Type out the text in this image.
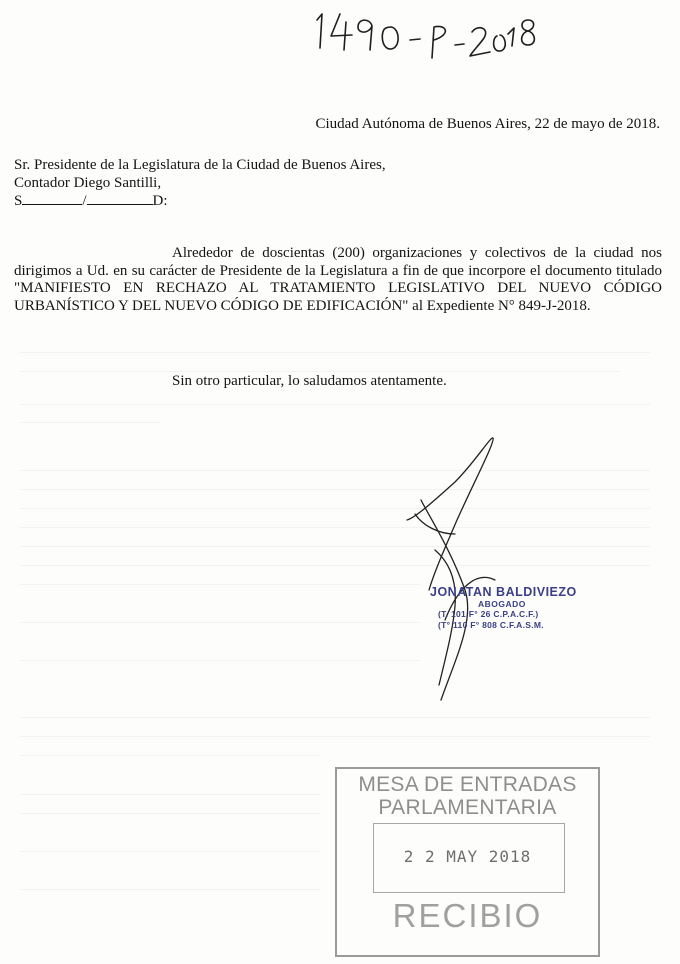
Ciudad Autónoma de Buenos Aires, 22 de mayo de 2018.
Sr. Presidente de la Legislatura de la Ciudad de Buenos Aires,
Contador Diego Santilli,
S	/	D:
Alrededor de doscientas (200) organizaciones y colectivos de la ciudad nos dirigimos a Ud. en su carácter de Presidente de la Legislatura a fin de que incorpore el documento titulado "MANIFIESTO EN RECHAZO AL TRATAMIENTO LEGISLATIVO DEL NUEVO CÓDIGO URBANÍSTICO Y DEL NUEVO CÓDIGO DE EDIFICACIÓN" al Expediente N° 849-J-2018.
Sin otro particular, lo saludamos atentamente.
JONATAN BALDIVIEZO
ABOGADO
(T. 101 F° 26 C.P.A.C.F.)
(T° 110 F° 808 C.F.A.S.M.
MESA DE ENTRADAS
PARLAMENTARIA
2 2 MAY 2018
RECIBIO
